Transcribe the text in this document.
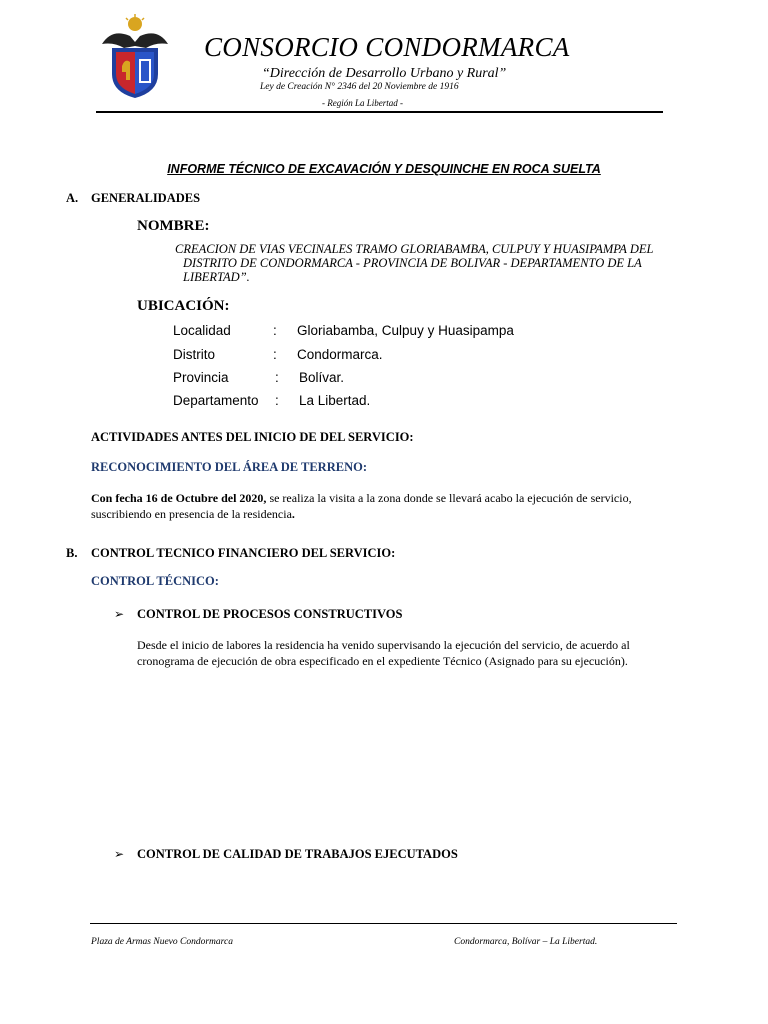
CONSORCIO CONDORMARCA
“Dirección de Desarrollo Urbano y Rural”
Ley de Creación N° 2346 del 20 Noviembre de 1916
- Región La Libertad -
INFORME TÉCNICO DE EXCAVACIÓN Y DESQUINCHE EN ROCA SUELTA
A. GENERALIDADES
NOMBRE:
CREACION DE VIAS VECINALES TRAMO GLORIABAMBA, CULPUY Y HUASIPAMPA DEL
DISTRITO DE CONDORMARCA - PROVINCIA DE BOLIVAR - DEPARTAMENTO DE LA
LIBERTAD”.
UBICACIÓN:
Localidad	: Gloriabamba, Culpuy y Huasipampa
Distrito	: Condormarca.
Provincia	: Bolívar.
Departamento : La Libertad.
ACTIVIDADES ANTES DEL INICIO DE DEL SERVICIO:
RECONOCIMIENTO DEL ÁREA DE TERRENO:
Con fecha 16 de Octubre del 2020, se realiza la visita a la zona donde se llevará acabo la ejecución de servicio,
suscribiendo en presencia de la residencia.
B. CONTROL TECNICO FINANCIERO DEL SERVICIO:
CONTROL TÉCNICO:
➢ CONTROL DE PROCESOS CONSTRUCTIVOS
Desde el inicio de labores la residencia ha venido supervisando la ejecución del servicio, de acuerdo al
cronograma de ejecución de obra especificado en el expediente Técnico (Asignado para su ejecución).
➢ CONTROL DE CALIDAD DE TRABAJOS EJECUTADOS
Plaza de Armas Nuevo Condormarca	Condormarca, Bolívar – La Libertad.
